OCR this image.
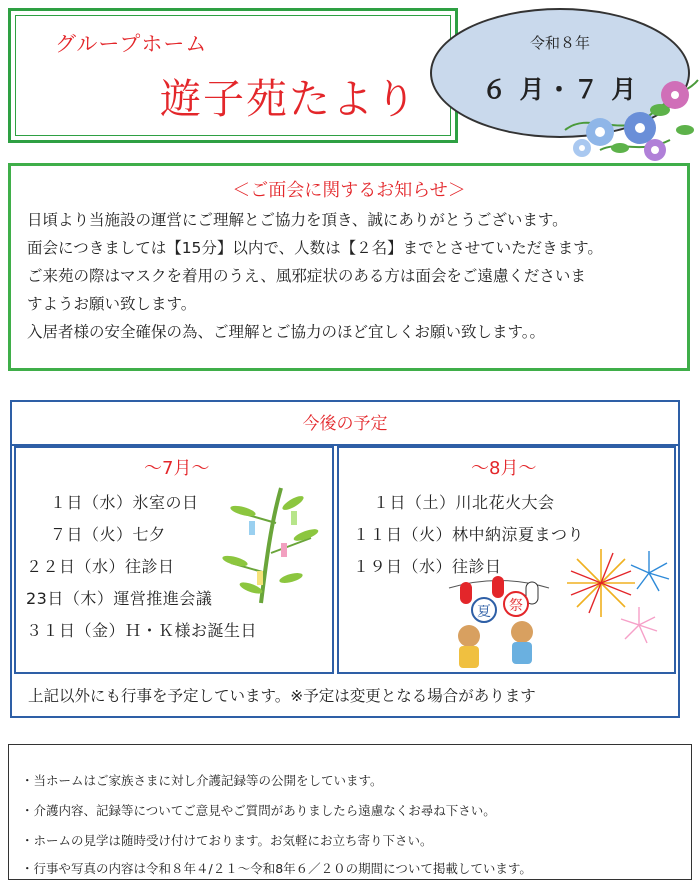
グループホーム
遊子苑たより
令和８年
６ 月・７ 月

＜ご面会に関するお知らせ＞

日頃より当施設の運営にご理解とご協力を頂き、誠にありがとうございます。

面会につきましては【15分】以内で、人数は【２名】までとさせていただきます。

ご来苑の際はマスクを着用のうえ、風邪症状のある方は面会をご遠慮くださいま

すようお願い致します。

入居者様の安全確保の為、ご理解とご協力のほど宜しくお願い致します。。

今後の予定
～7月～
１日（水）氷室の日
７日（火）七夕
２２日（水）往診日
23日（木）運営推進会議
３１日（金）Ｈ・Ｋ様お誕生日
～8月～
１日（土）川北花火大会
１１日（火）林中納涼夏まつり
１９日（水）往診日
夏 祭
上記以外にも行事を予定しています。※予定は変更となる場合があります
・当ホームはご家族さまに対し介護記録等の公開をしています。
・介護内容、記録等についてご意見やご質問がありましたら遠慮なくお尋ね下さい。
・ホームの見学は随時受け付けております。お気軽にお立ち寄り下さい。
・行事や写真の内容は令和８年４/２１～令和8年６／２０の期間について掲載しています。
